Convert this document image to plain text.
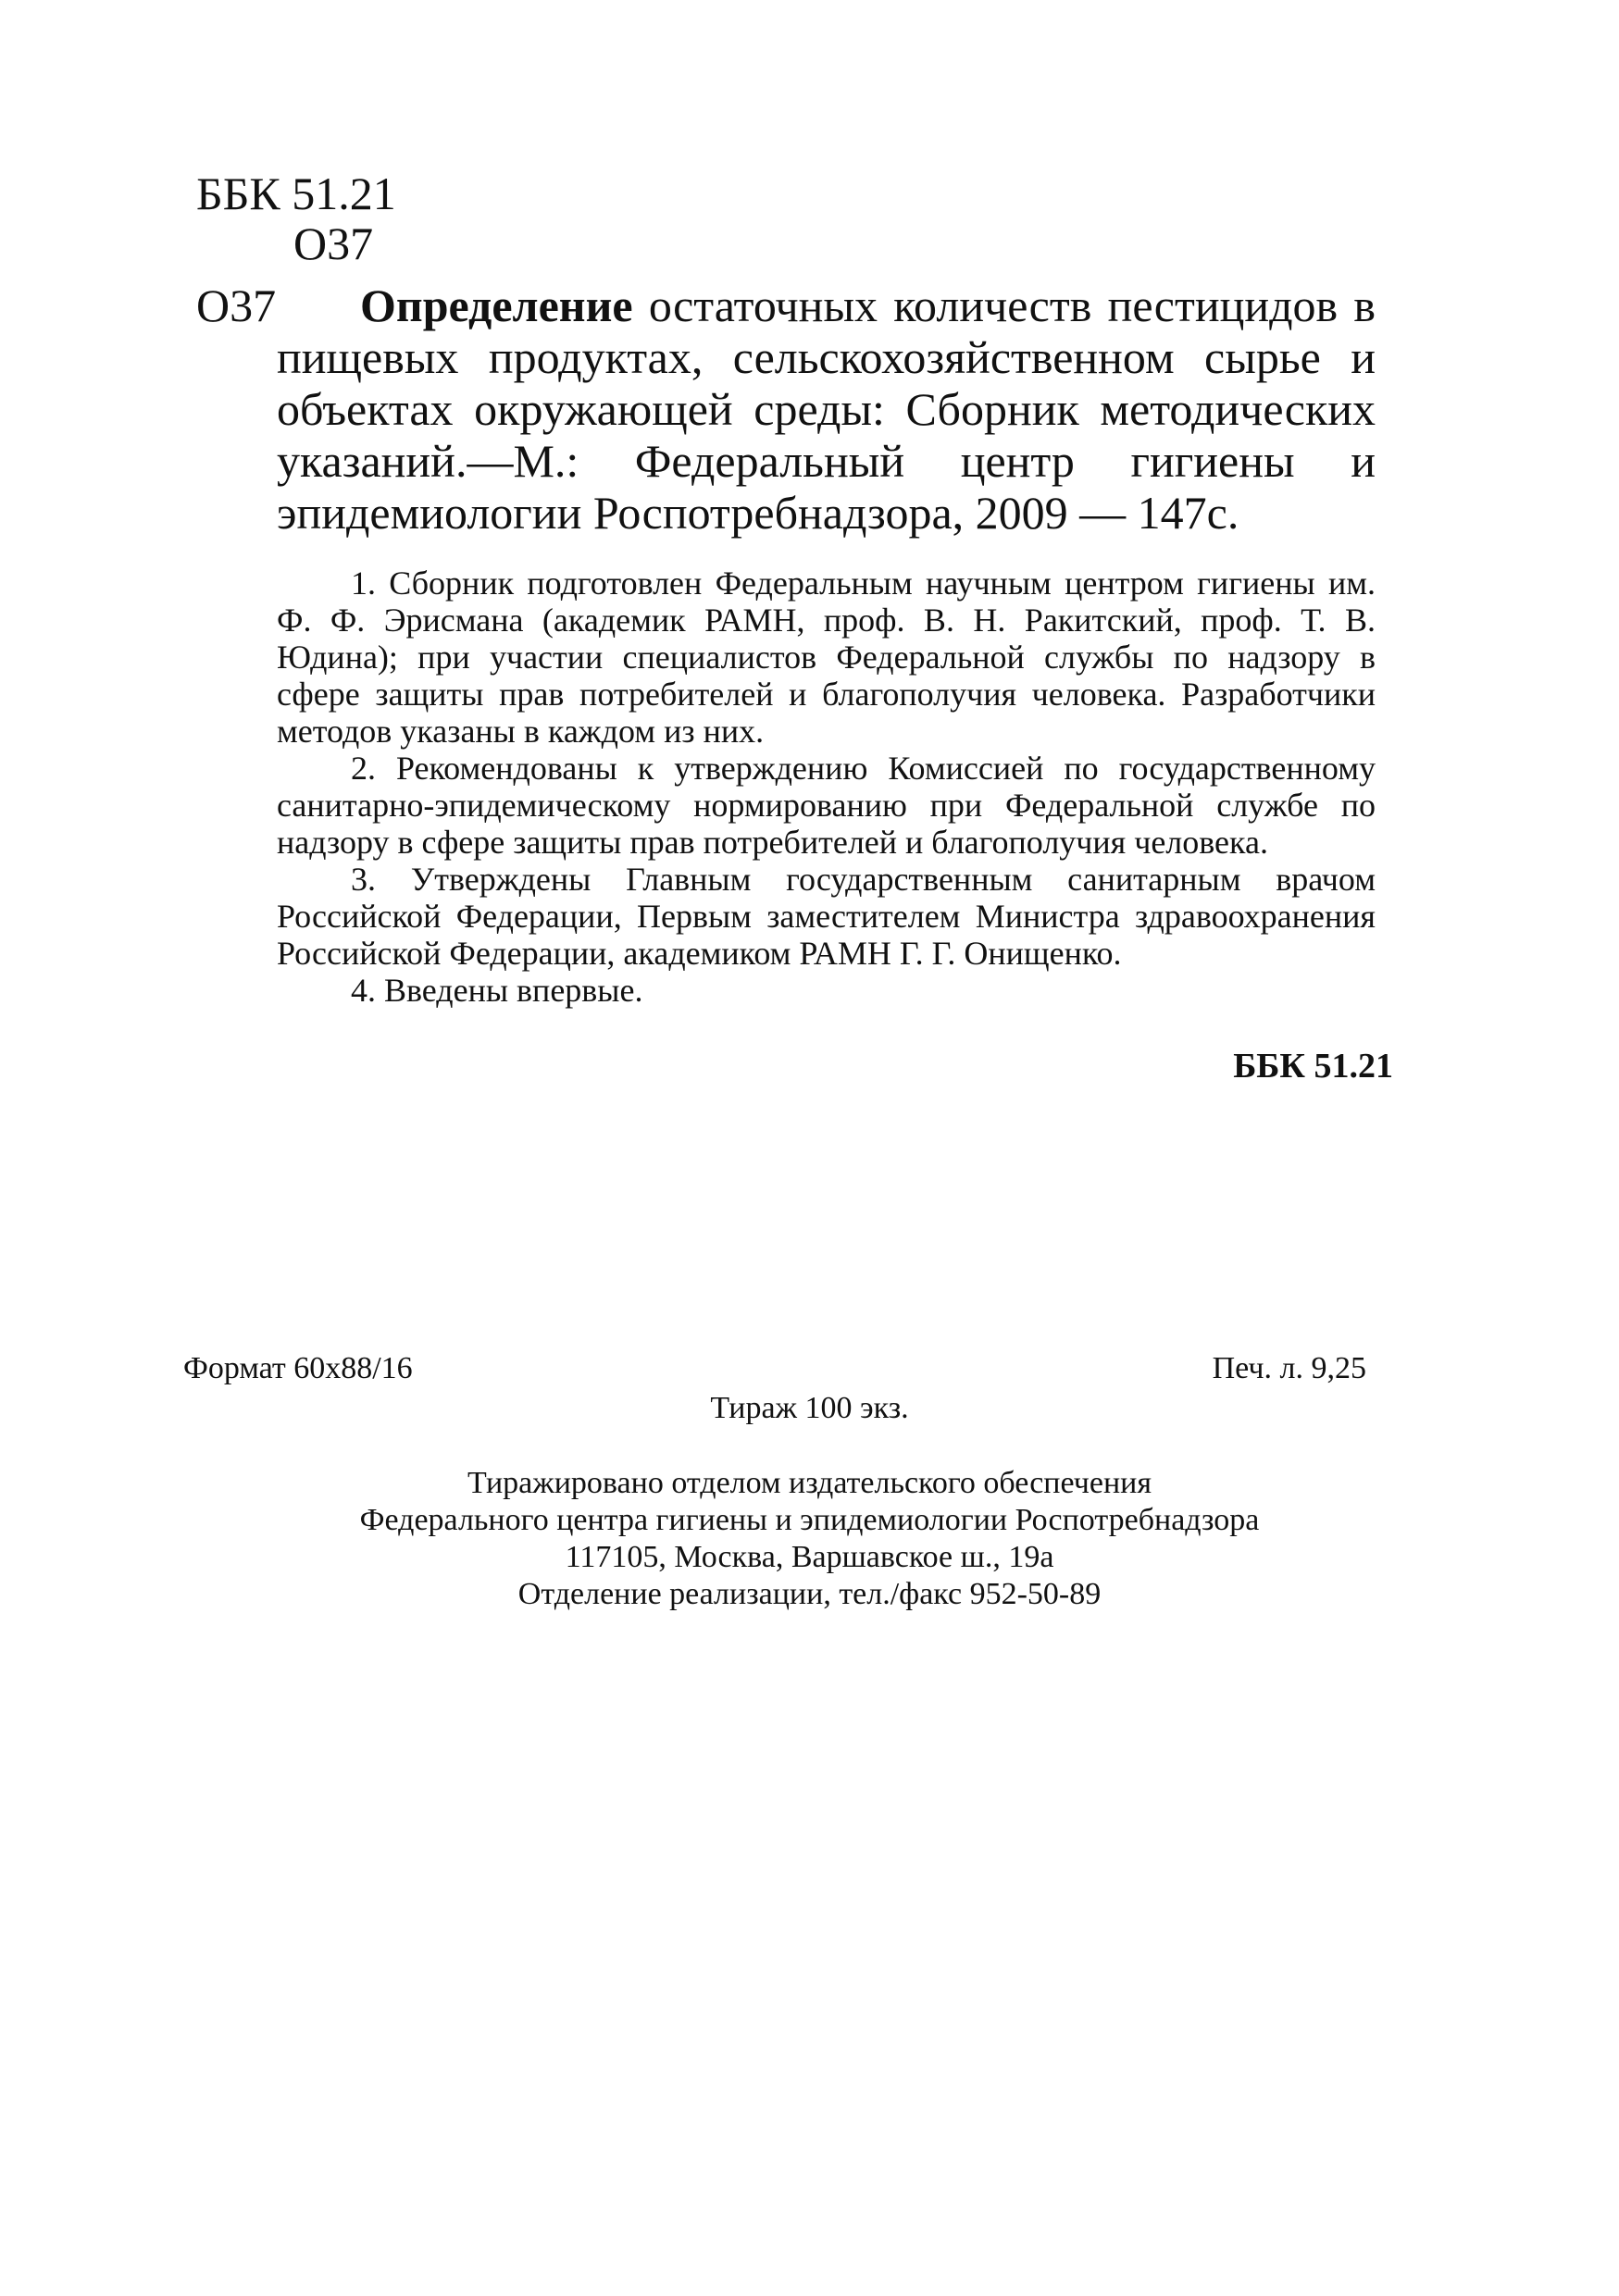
ББК 51.21
O37
O37	Определение остаточных количеств пестицидов в пищевых продуктах, сельскохозяйственном сырье и объектах окружающей среды: Сборник методических указаний.—М.: Федеральный центр гигиены и эпидемиологии Роспотребнадзора, 2009 — 147с.

1. Сборник подготовлен Федеральным научным центром гигиены им. Ф. Ф. Эрисмана (академик РАМН, проф. В. Н. Ракитский, проф. Т. В. Юдина); при участии специалистов Федеральной службы по надзору в сфере защиты прав потребителей и благополучия человека. Разработчики методов указаны в каждом из них.

2. Рекомендованы к утверждению Комиссией по государственному санитарно-эпидемическому нормированию при Федеральной службе по надзору в сфере защиты прав потребителей и благополучия человека.

3. Утверждены Главным государственным санитарным врачом Российской Федерации, Первым заместителем Министра здравоохранения Российской Федерации, академиком РАМН Г. Г. Онищенко.

4. Введены впервые.

ББК 51.21
Формат 60x88/16	Печ. л. 9,25
Тираж 100 экз.
Тиражировано отделом издательского обеспечения
Федерального центра гигиены и эпидемиологии Роспотребнадзора
117105, Москва, Варшавское ш., 19а
Отделение реализации, тел./факс 952-50-89
